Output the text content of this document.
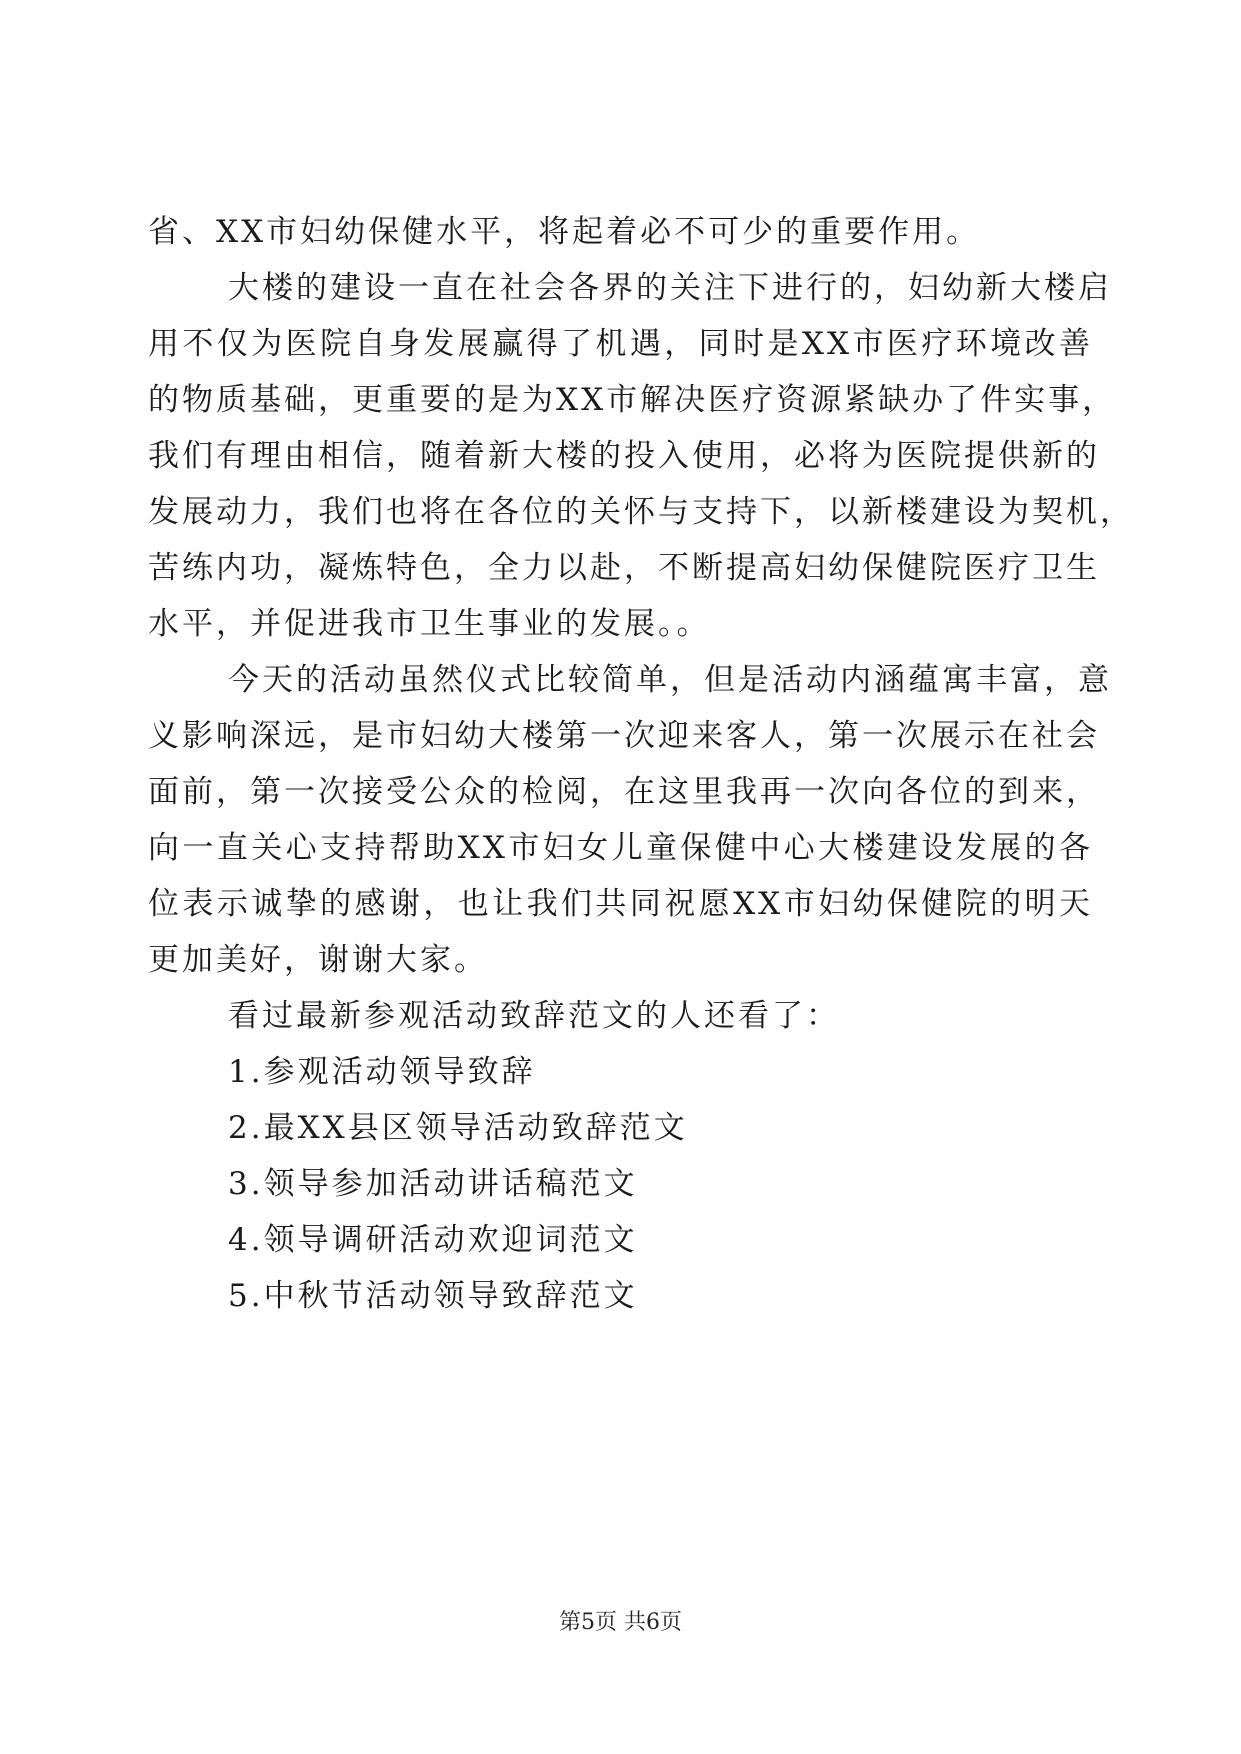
省、XX市妇幼保健水平，将起着必不可少的重要作用。
大楼的建设一直在社会各界的关注下进行的，妇幼新大楼启
用不仅为医院自身发展赢得了机遇，同时是XX市医疗环境改善
的物质基础，更重要的是为XX市解决医疗资源紧缺办了件实事，
我们有理由相信，随着新大楼的投入使用，必将为医院提供新的
发展动力，我们也将在各位的关怀与支持下，以新楼建设为契机，
苦练内功，凝炼特色，全力以赴，不断提高妇幼保健院医疗卫生
水平，并促进我市卫生事业的发展。。
今天的活动虽然仪式比较简单，但是活动内涵蕴寓丰富，意
义影响深远，是市妇幼大楼第一次迎来客人，第一次展示在社会
面前，第一次接受公众的检阅，在这里我再一次向各位的到来，
向一直关心支持帮助XX市妇女儿童保健中心大楼建设发展的各
位表示诚挚的感谢，也让我们共同祝愿XX市妇幼保健院的明天
更加美好，谢谢大家。
看过最新参观活动致辞范文的人还看了：
1.参观活动领导致辞
2.最XX县区领导活动致辞范文
3.领导参加活动讲话稿范文
4.领导调研活动欢迎词范文
5.中秋节活动领导致辞范文
第5页 共6页
